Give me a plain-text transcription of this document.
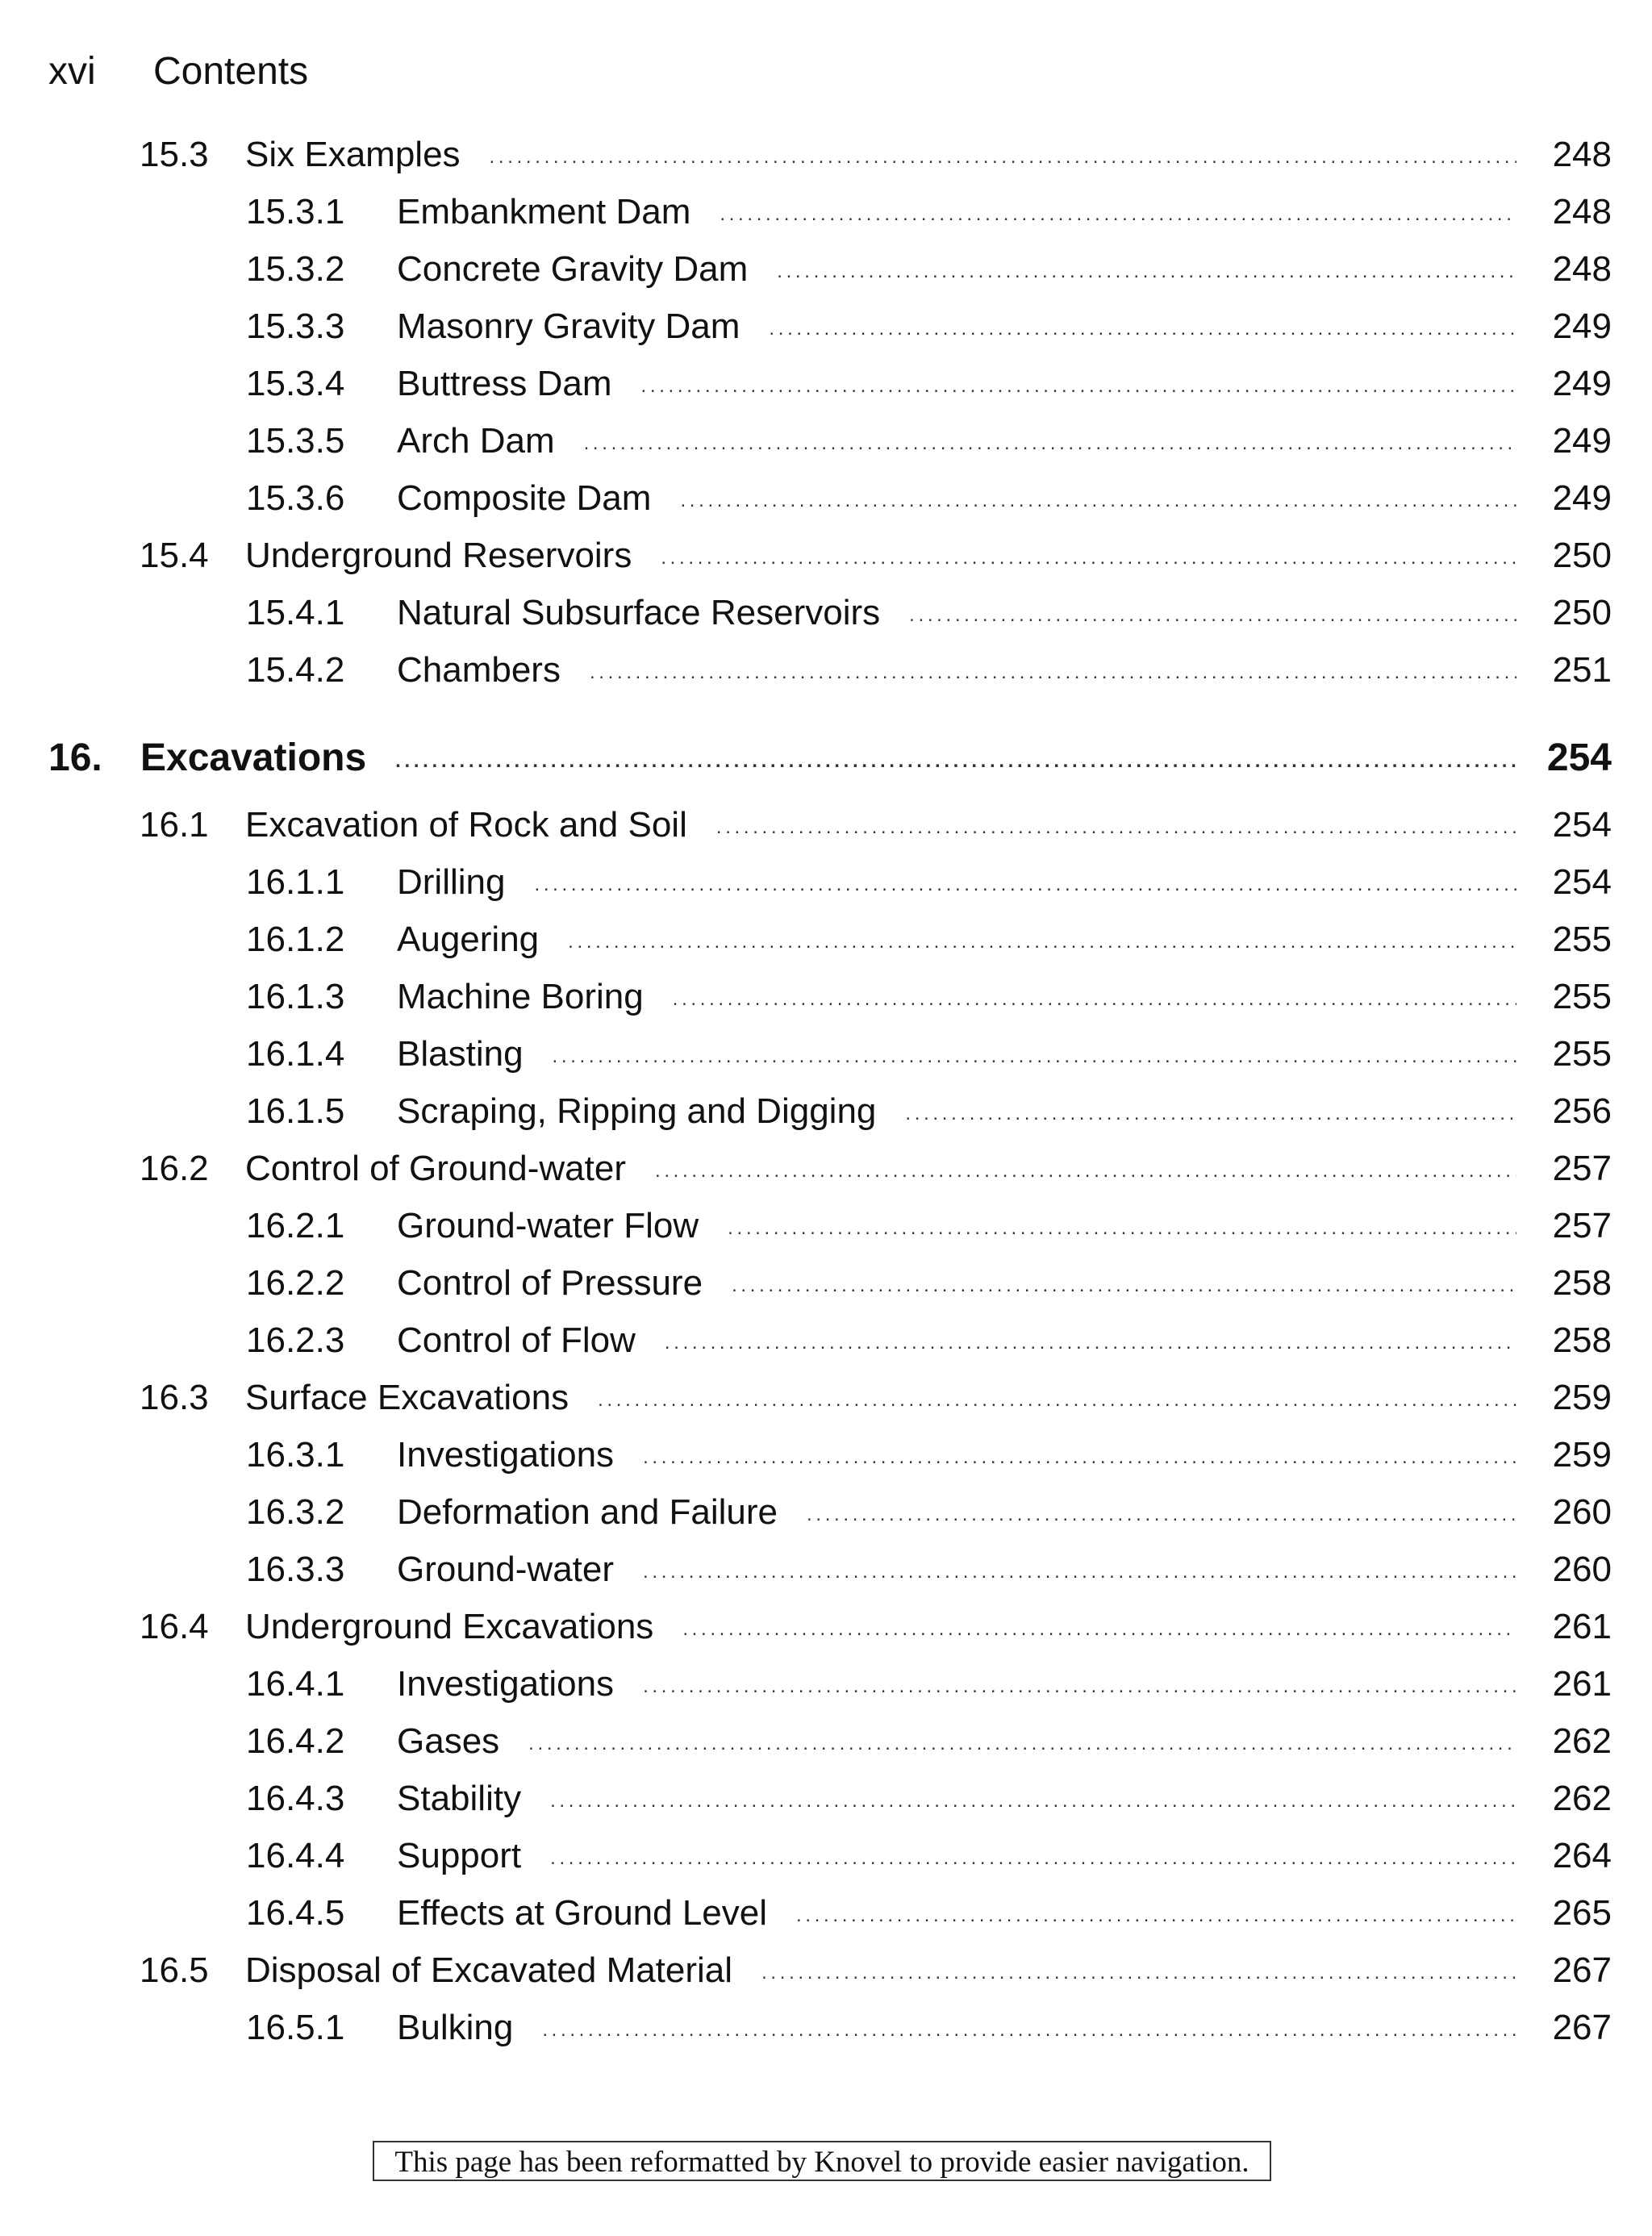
xvi	Contents
15.3	Six Examples . . .	248
15.3.1	Embankment Dam . . .	248
15.3.2	Concrete Gravity Dam . . .	248
15.3.3	Masonry Gravity Dam . . .	249
15.3.4	Buttress Dam . . .	249
15.3.5	Arch Dam . . .	249
15.3.6	Composite Dam . . .	249
15.4	Underground Reservoirs . . .	250
15.4.1	Natural Subsurface Reservoirs . . .	250
15.4.2	Chambers . . .	251
16. Excavations . . .	254
16.1	Excavation of Rock and Soil . . .	254
16.1.1	Drilling . . .	254
16.1.2	Augering . . .	255
16.1.3	Machine Boring . . .	255
16.1.4	Blasting . . .	255
16.1.5	Scraping, Ripping and Digging . . .	256
16.2	Control of Ground-water . . .	257
16.2.1	Ground-water Flow . . .	257
16.2.2	Control of Pressure . . .	258
16.2.3	Control of Flow . . .	258
16.3	Surface Excavations . . .	259
16.3.1	Investigations . . .	259
16.3.2	Deformation and Failure . . .	260
16.3.3	Ground-water . . .	260
16.4	Underground Excavations . . .	261
16.4.1	Investigations . . .	261
16.4.2	Gases . . .	262
16.4.3	Stability . . .	262
16.4.4	Support . . .	264
16.4.5	Effects at Ground Level . . .	265
16.5	Disposal of Excavated Material . . .	267
16.5.1	Bulking . . .	267
This page has been reformatted by Knovel to provide easier navigation.
